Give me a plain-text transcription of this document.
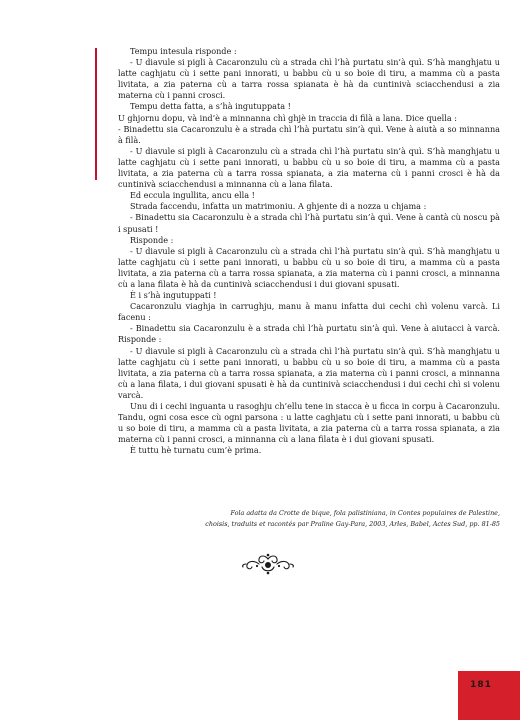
Tempu intesula risponde :

- U diavule si pigli à Cacaronzulu cù a strada chì l’hà purtatu sin’à quì. S’hà manghjatu u latte caghjatu cù i sette pani innorati, u babbu cù u so boie di tiru, a mamma cù a pasta livitata, a zia paterna cù a tarra rossa spianata è hà da cuntinivà sciacchendusi a zia materna cù i panni crosci.

Tempu detta fatta, a s’hà ingutuppata !

U ghjornu dopu, và ind’è a minnanna chì ghjè in traccia di filà a lana. Dice quella :

- Binadettu sia Cacaronzulu è a strada chì l’hà purtatu sin’à quì. Vene à aiutà a so minnanna à filà.

- U diavule si pigli à Cacaronzulu cù a strada chì l’hà purtatu sin’à quì. S’hà manghjatu u latte caghjatu cù i sette pani innorati, u babbu cù u so boie di tiru, a mamma cù a pasta livitata, a zia paterna cù a tarra rossa spianata, a zia materna cù i panni crosci è hà da cuntinivà sciacchendusi a minnanna cù a lana filata.

Ed eccula ingullita, ancu ella !

Strada faccendu, infatta un matrimoniu. A ghjente di a nozza u chjama :

- Binadettu sia Cacaronzulu è a strada chì l’hà purtatu sin’à quì. Vene à cantà cù noscu pà i spusati !

Risponde :

- U diavule si pigli à Cacaronzulu cù a strada chì l’hà purtatu sin’à quì. S’hà manghjatu u latte caghjatu cù i sette pani innorati, u babbu cù u so boie di tiru, a mamma cù a pasta livitata, a zia paterna cù a tarra rossa spianata, a zia materna cù i panni crosci, a minnanna cù a lana filata è hà da cuntinivà sciacchendusi i dui giovani spusati.

È i s’hà ingutuppati !

Cacaronzulu viaghja in carrughju, manu à manu infatta dui cechi chì volenu varcà. Li facenu :

- Binadettu sia Cacaronzulu è a strada chì l’hà purtatu sin’à quì. Vene à aiutacci à varcà. Risponde :

- U diavule si pigli à Cacaronzulu cù a strada chì l’hà purtatu sin’à quì. S’hà manghjatu u latte caghjatu cù i sette pani innorati, u babbu cù u so boie di tiru, a mamma cù a pasta livitata, a zia paterna cù a tarra rossa spianata, a zia materna cù i panni crosci, a minnanna cù a lana filata, i dui giovani spusati è hà da cuntinivà sciacchendusi i dui cechi chì si volenu varcà.

Unu di i cechi inguanta u rasoghju ch’ellu tene in stacca è u ficca in corpu à Cacaronzulu. Tandu, ogni cosa esce cù ogni parsona : u latte caghjatu cù i sette pani innorati, u babbu cù u so boie di tiru, a mamma cù a pasta livitata, a zia paterna cù a tarra rossa spianata, a zia materna cù i panni crosci, a minnanna cù a lana filata è i dui giovani spusati.

È tuttu hè turnatu cum’è prima.

Fola adatta da Crotte de bique, fola palistiniana, in Contes populaires de Palestine,
choisis, traduits et racontés par Praline Gay-Para, 2003, Arles, Babel, Actes Sud, pp. 81-85
181
